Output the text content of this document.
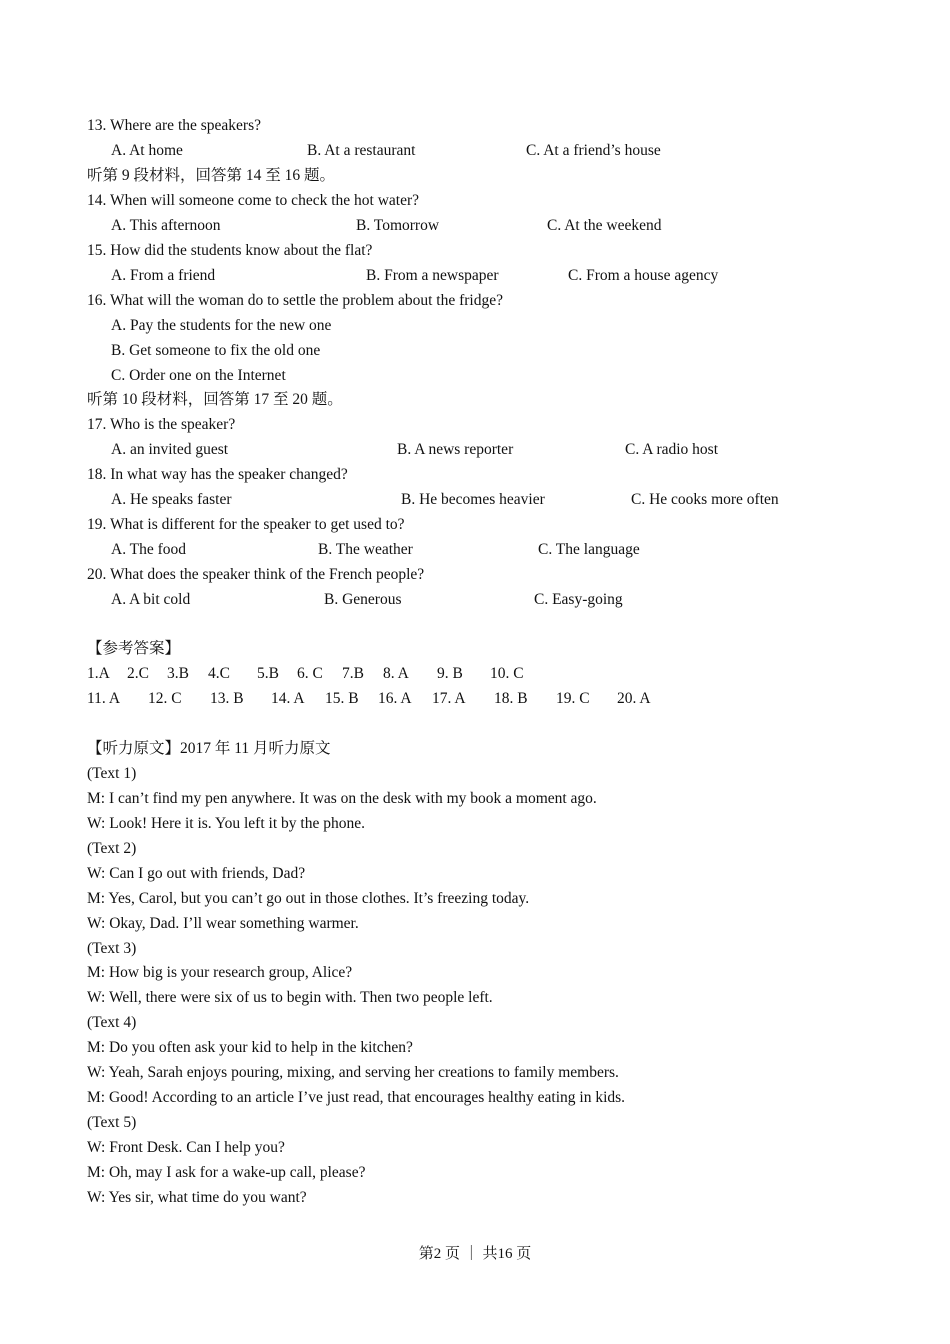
13. Where are the speakers?
A. At home	B. At a restaurant	C. At a friend’s house
听第 9 段材料，回答第 14 至 16 题。
14. When will someone come to check the hot water?
A. This afternoon	B. Tomorrow	C. At the weekend
15. How did the students know about the flat?
A. From a friend	B. From a newspaper	C. From a house agency
16. What will the woman do to settle the problem about the fridge?
A. Pay the students for the new one
B. Get someone to fix the old one
C. Order one on the Internet
听第 10 段材料，回答第 17 至 20 题。
17. Who is the speaker?
A. an invited guest	B. A news reporter	C. A radio host
18. In what way has the speaker changed?
A. He speaks faster	B. He becomes heavier	C. He cooks more often
19. What is different for the speaker to get used to?
A. The food	B. The weather	C. The language
20. What does the speaker think of the French people?
A. A bit cold	B. Generous	C. Easy-going
【参考答案】
1.A 2.C 3.B 4.C 5.B 6. C 7.B 8. A 9. B 10. C
11. A 12. C 13. B 14. A 15. B 16. A 17. A 18. B 19. C 20. A
【听力原文】2017 年 11 月听力原文
(Text 1)
M: I can’t find my pen anywhere. It was on the desk with my book a moment ago.
W: Look! Here it is. You left it by the phone.
(Text 2)
W: Can I go out with friends, Dad?
M: Yes, Carol, but you can’t go out in those clothes. It’s freezing today.
W: Okay, Dad. I’ll wear something warmer.
(Text 3)
M: How big is your research group, Alice?
W: Well, there were six of us to begin with. Then two people left.
(Text 4)
M: Do you often ask your kid to help in the kitchen?
W: Yeah, Sarah enjoys pouring, mixing, and serving her creations to family members.
M: Good! According to an article I’ve just read, that encourages healthy eating in kids.
(Text 5)
W: Front Desk. Can I help you?
M: Oh, may I ask for a wake-up call, please?
W: Yes sir, what time do you want?
第2 页 ｜ 共16 页
